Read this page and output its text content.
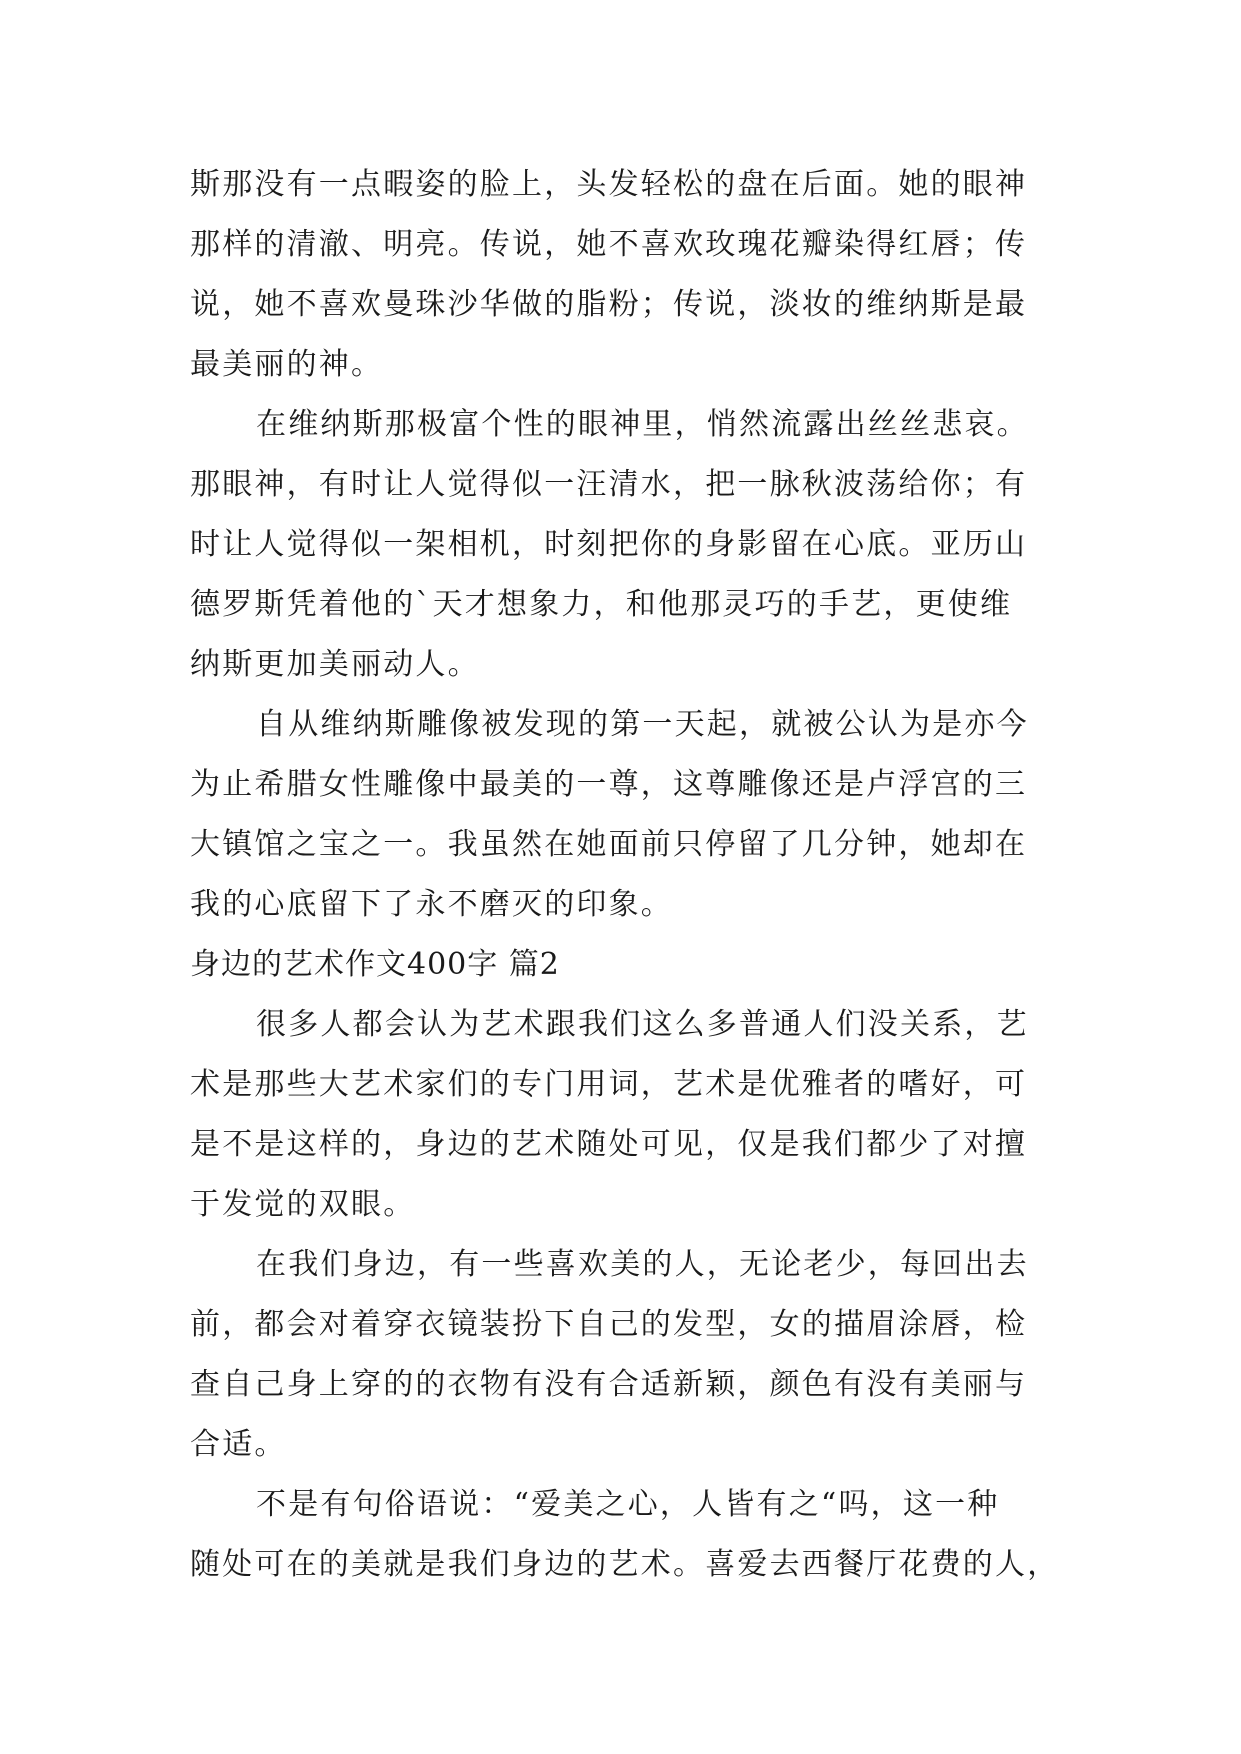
斯那没有一点暇姿的脸上，头发轻松的盘在后面。她的眼神
那样的清澈、明亮。传说，她不喜欢玫瑰花瓣染得红唇；传
说，她不喜欢曼珠沙华做的脂粉；传说，淡妆的维纳斯是最
最美丽的神。
在维纳斯那极富个性的眼神里，悄然流露出丝丝悲哀。
那眼神，有时让人觉得似一汪清水，把一脉秋波荡给你；有
时让人觉得似一架相机，时刻把你的身影留在心底。亚历山
德罗斯凭着他的`天才想象力，和他那灵巧的手艺，更使维
纳斯更加美丽动人。
自从维纳斯雕像被发现的第一天起，就被公认为是亦今
为止希腊女性雕像中最美的一尊，这尊雕像还是卢浮宫的三
大镇馆之宝之一。我虽然在她面前只停留了几分钟，她却在
我的心底留下了永不磨灭的印象。
身边的艺术作文400字 篇2
很多人都会认为艺术跟我们这么多普通人们没关系，艺
术是那些大艺术家们的专门用词，艺术是优雅者的嗜好，可
是不是这样的，身边的艺术随处可见，仅是我们都少了对擅
于发觉的双眼。
在我们身边，有一些喜欢美的人，无论老少，每回出去
前，都会对着穿衣镜装扮下自己的发型，女的描眉涂唇，检
查自己身上穿的的衣物有没有合适新颖，颜色有没有美丽与
合适。
不是有句俗语说：“爱美之心，人皆有之“吗，这一种
随处可在的美就是我们身边的艺术。喜爱去西餐厅花费的人，
